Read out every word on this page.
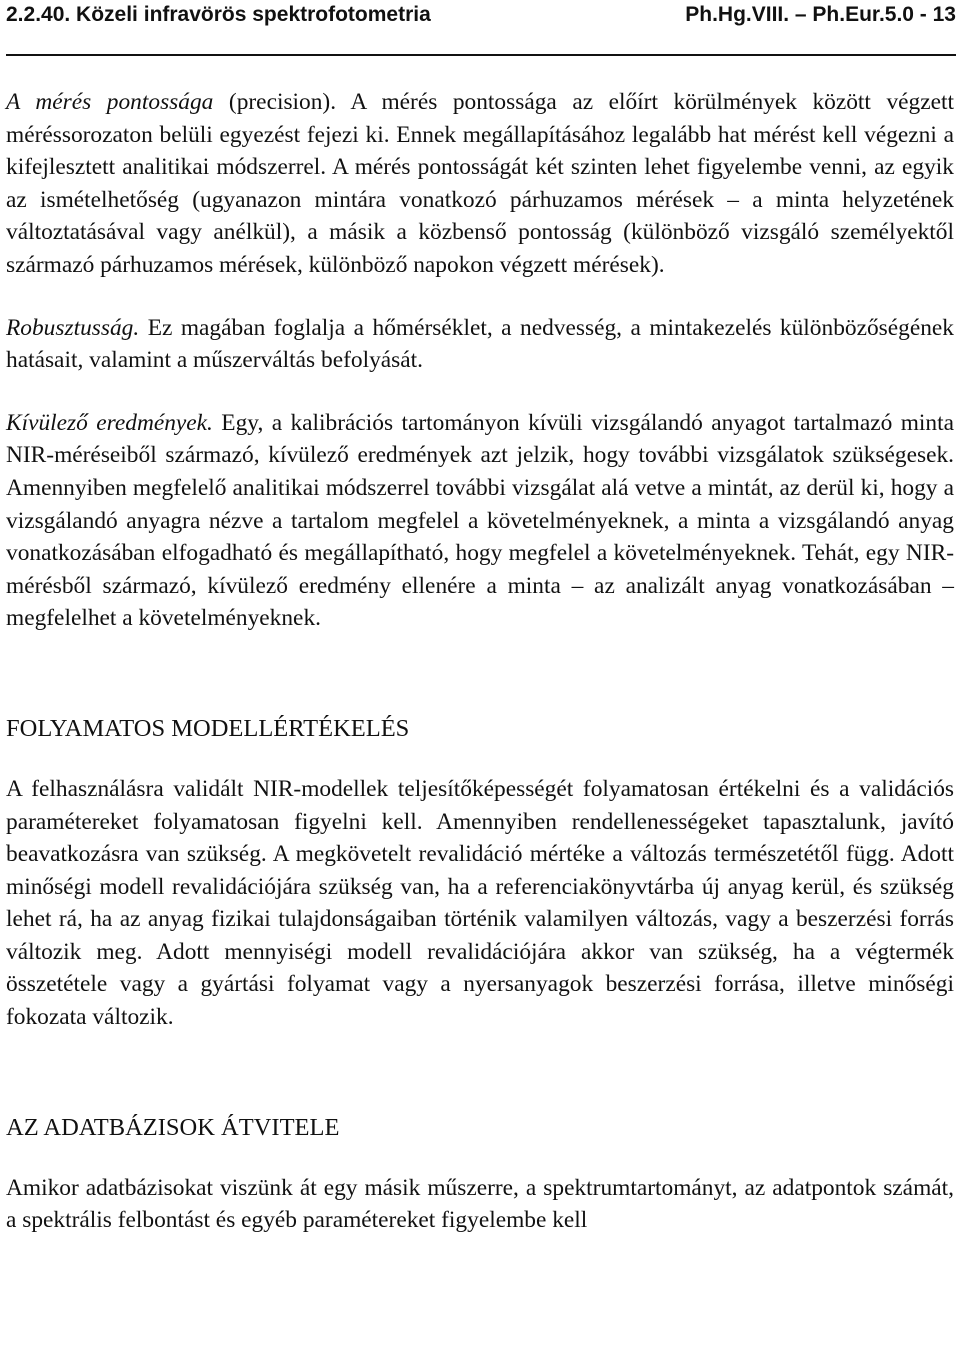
2.2.40. Közeli infravörös spektrofotometria	Ph.Hg.VIII. – Ph.Eur.5.0 - 13

A mérés pontossága (precision). A mérés pontossága az előírt körülmények között végzett méréssorozaton belüli egyezést fejezi ki. Ennek megállapításához legalább hat mérést kell végezni a kifejlesztett analitikai módszerrel. A mérés pontosságát két szinten lehet figyelembe venni, az egyik az ismételhetőség (ugyanazon mintára vonatkozó párhuzamos mérések – a minta helyzetének változtatásával vagy anélkül), a másik a közbenső pontosság (különböző vizsgáló személyektől származó párhuzamos mérések, különböző napokon végzett mérések).

Robusztusság. Ez magában foglalja a hőmérséklet, a nedvesség, a mintakezelés különbözőségének hatásait, valamint a műszerváltás befolyását.

Kívülező eredmények. Egy, a kalibrációs tartományon kívüli vizsgálandó anyagot tartalmazó minta NIR-méréseiből származó, kívülező eredmények azt jelzik, hogy további vizsgálatok szükségesek. Amennyiben megfelelő analitikai módszerrel további vizsgálat alá vetve a mintát, az derül ki, hogy a vizsgálandó anyagra nézve a tartalom megfelel a követelményeknek, a minta a vizsgálandó anyag vonatkozásában elfogadható és megállapítható, hogy megfelel a követelményeknek. Tehát, egy NIR-mérésből származó, kívülező eredmény ellenére a minta – az analizált anyag vonatkozásában – megfelelhet a követelményeknek.

FOLYAMATOS MODELLÉRTÉKELÉS

A felhasználásra validált NIR-modellek teljesítőképességét folyamatosan értékelni és a validációs paramétereket folyamatosan figyelni kell. Amennyiben rendellenességeket tapasztalunk, javító beavatkozásra van szükség. A megkövetelt revalidáció mértéke a változás természetétől függ. Adott minőségi modell revalidációjára szükség van, ha a referenciakönyvtárba új anyag kerül, és szükség lehet rá, ha az anyag fizikai tulajdonságaiban történik valamilyen változás, vagy a beszerzési forrás változik meg. Adott mennyiségi modell revalidációjára akkor van szükség, ha a végtermék összetétele vagy a gyártási folyamat vagy a nyersanyagok beszerzési forrása, illetve minőségi fokozata változik.

AZ ADATBÁZISOK ÁTVITELE

Amikor adatbázisokat viszünk át egy másik műszerre, a spektrumtartományt, az adatpontok számát, a spektrális felbontást és egyéb paramétereket figyelembe kell
